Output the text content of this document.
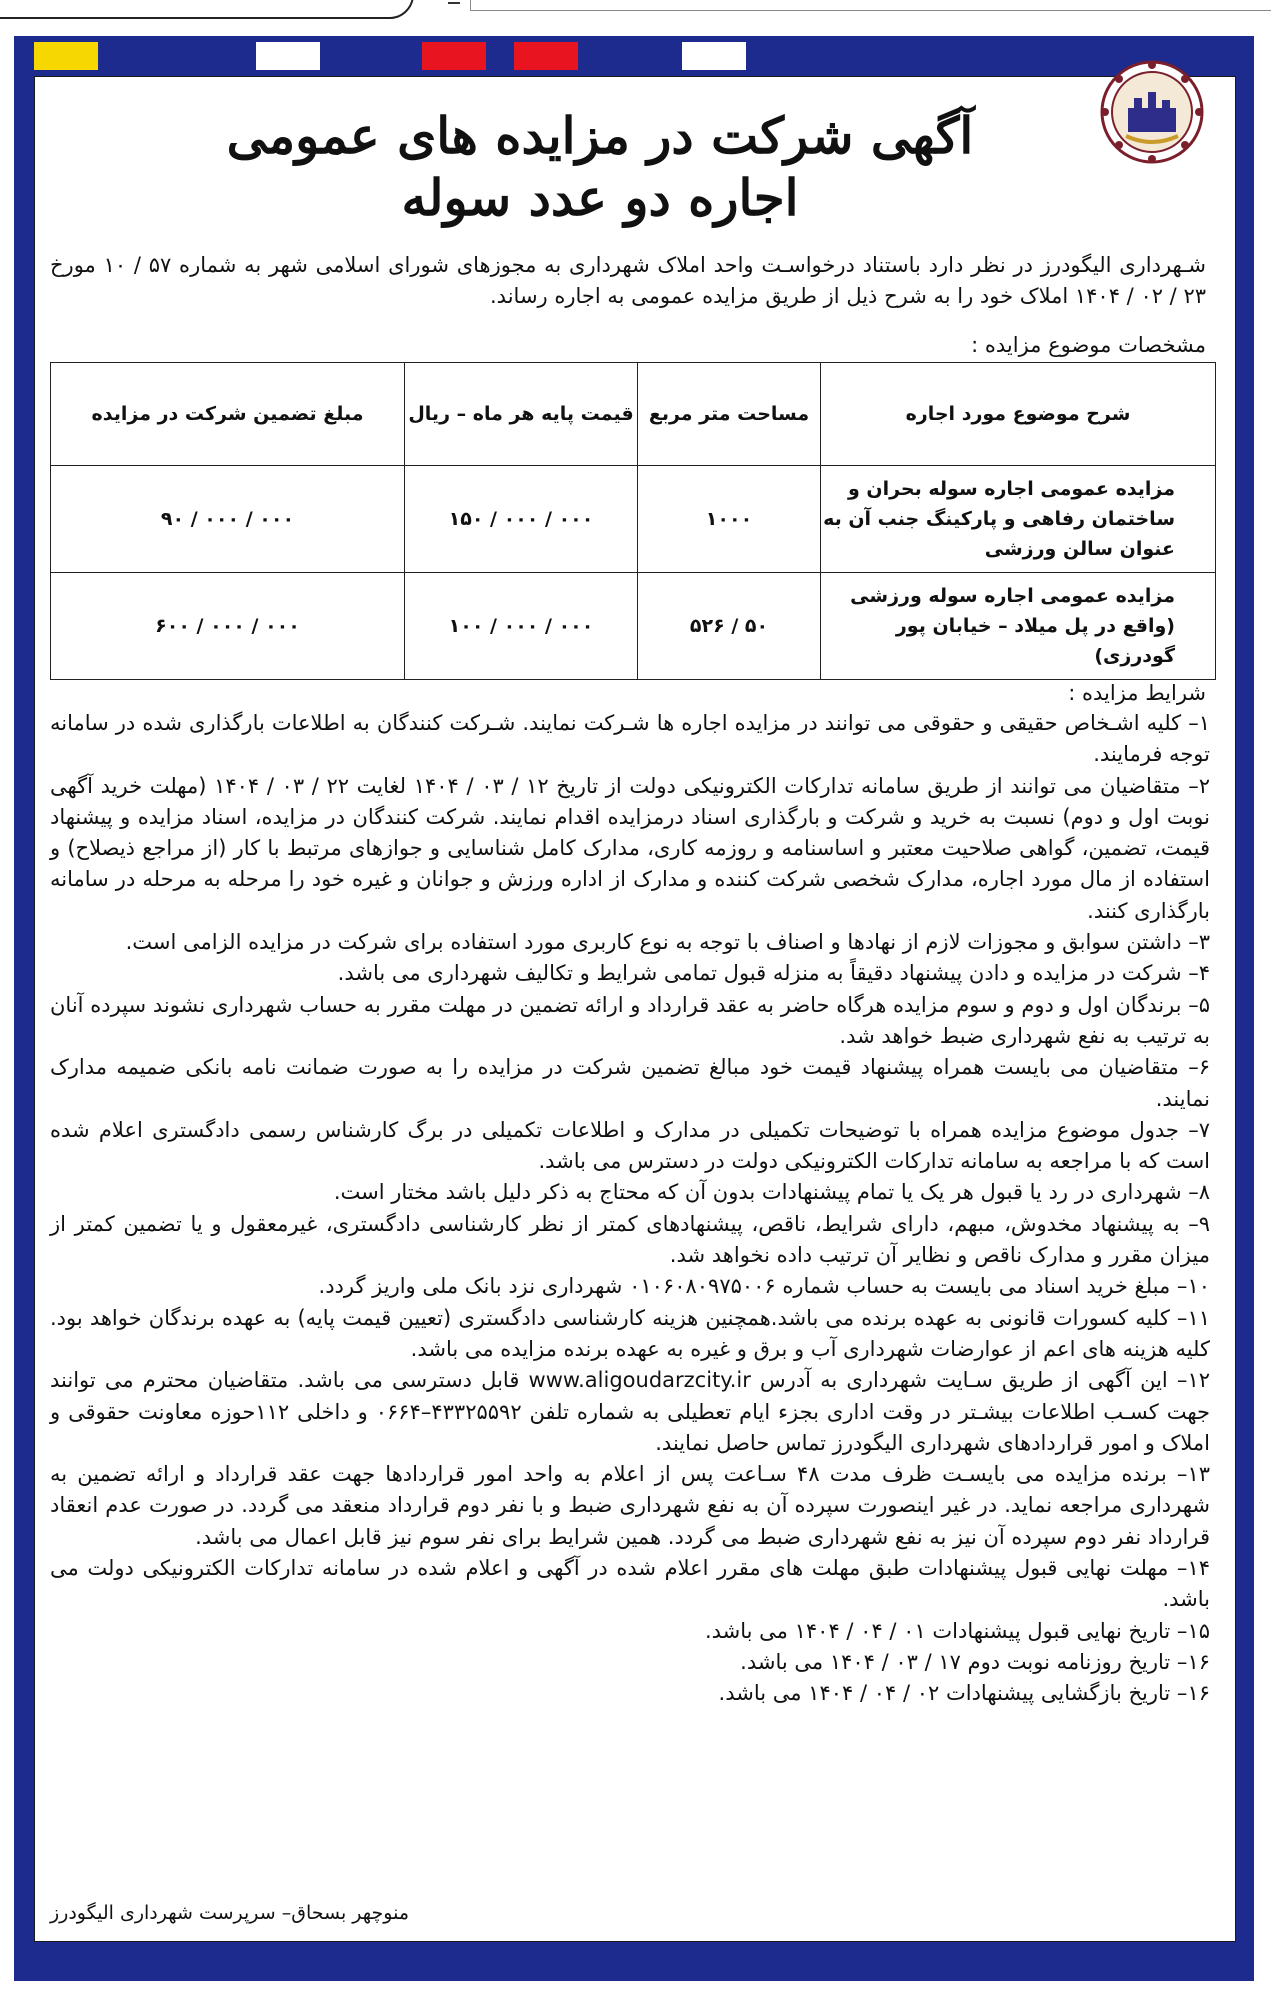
آگهی شرکت در مزایده های عمومی
اجاره دو عدد سوله
شـهرداری الیگودرز در نظر دارد باستناد درخواسـت واحد املاک شهرداری به مجوزهای شورای اسلامی شهر به شماره ۵۷ / ۱۰ مورخ ۲۳ / ۰۲ / ۱۴۰۴ املاک خود را به شرح ذیل از طریق مزایده عمومی به اجاره رساند.
مشخصات موضوع مزایده :
شرح موضوع مورد اجاره	مساحت متر مربع	قیمت پایه هر ماه – ریال	مبلغ تضمین شرکت در مزایده
مزایده عمومی اجاره سوله بحران و ساختمان رفاهی و پارکینگ جنب آن به عنوان سالن ورزشی	۱۰۰۰	۰۰۰ / ۰۰۰ / ۱۵۰	۰۰۰ / ۰۰۰ / ۹۰
مزایده عمومی اجاره سوله ورزشی (واقع در پل میلاد – خیابان پور گودرزی)	۵۰ / ۵۲۶	۰۰۰ / ۰۰۰ / ۱۰۰	۰۰۰ / ۰۰۰ / ۶۰۰
شرایط مزایده :

۱– کلیه اشـخاص حقیقی و حقوقی می توانند در مزایده اجاره ها شـرکت نمایند. شـرکت کنندگان به اطلاعات بارگذاری شده در سامانه توجه فرمایند.

۲– متقاضیان می توانند از طریق سامانه تدارکات الکترونیکی دولت از تاریخ ۱۲ / ۰۳ / ۱۴۰۴ لغایت ۲۲ / ۰۳ / ۱۴۰۴ (مهلت خرید آگهی نوبت اول و دوم) نسبت به خرید و شرکت و بارگذاری اسناد درمزایده اقدام نمایند. شرکت کنندگان در مزایده، اسناد مزایده و پیشنهاد قیمت، تضمین، گواهی صلاحیت معتبر و اساسنامه و روزمه کاری، مدارک کامل شناسایی و جوازهای مرتبط با کار (از مراجع ذیصلاح) و استفاده از مال مورد اجاره، مدارک شخصی شرکت کننده و مدارک از اداره ورزش و جوانان و غیره خود را مرحله به مرحله در سامانه بارگذاری کنند.

۳– داشتن سوابق و مجوزات لازم از نهادها و اصناف با توجه به نوع کاربری مورد استفاده برای شرکت در مزایده الزامی است.

۴– شرکت در مزایده و دادن پیشنهاد دقیقاً به منزله قبول تمامی شرایط و تکالیف شهرداری می باشد.

۵– برندگان اول و دوم و سوم مزایده هرگاه حاضر به عقد قرارداد و ارائه تضمین در مهلت مقرر به حساب شهرداری نشوند سپرده آنان به ترتیب به نفع شهرداری ضبط خواهد شد.

۶– متقاضیان می بایست همراه پیشنهاد قیمت خود مبالغ تضمین شرکت در مزایده را به صورت ضمانت نامه بانکی ضمیمه مدارک نمایند.

۷– جدول موضوع مزایده همراه با توضیحات تکمیلی در مدارک و اطلاعات تکمیلی در برگ کارشناس رسمی دادگستری اعلام شده است که با مراجعه به سامانه تدارکات الکترونیکی دولت در دسترس می باشد.

۸– شهرداری در رد یا قبول هر یک یا تمام پیشنهادات بدون آن که محتاج به ذکر دلیل باشد مختار است.

۹– به پیشنهاد مخدوش، مبهم، دارای شرایط، ناقص، پیشنهادهای کمتر از نظر کارشناسی دادگستری، غیرمعقول و یا تضمین کمتر از میزان مقرر و مدارک ناقص و نظایر آن ترتیب داده نخواهد شد.

۱۰– مبلغ خرید اسناد می بایست به حساب شماره ۰۱۰۶۰۸۰۹۷۵۰۰۶ شهرداری نزد بانک ملی واریز گردد.

۱۱– کلیه کسورات قانونی به عهده برنده می باشد.همچنین هزینه کارشناسی دادگستری (تعیین قیمت پایه) به عهده برندگان خواهد بود. کلیه هزینه های اعم از عوارضات شهرداری آب و برق و غیره به عهده برنده مزایده می باشد.

۱۲– این آگهی از طریق سـایت شهرداری به آدرس www.aligoudarzcity.ir قابل دسترسی می باشد. متقاضیان محترم می توانند جهت کسـب اطلاعات بیشـتر در وقت اداری بجزء ایام تعطیلی به شماره تلفن ۴۳۳۲۵۵۹۲–۰۶۶۴ و داخلی ۱۱۲حوزه معاونت حقوقی و املاک و امور قراردادهای شهرداری الیگودرز تماس حاصل نمایند.

۱۳– برنده مزایده می بایسـت ظرف مدت ۴۸ سـاعت پس از اعلام به واحد امور قراردادها جهت عقد قرارداد و ارائه تضمین به شهرداری مراجعه نماید. در غیر اینصورت سپرده آن به نفع شهرداری ضبط و با نفر دوم قرارداد منعقد می گردد. در صورت عدم انعقاد قرارداد نفر دوم سپرده آن نیز به نفع شهرداری ضبط می گردد. همین شرایط برای نفر سوم نیز قابل اعمال می باشد.

۱۴– مهلت نهایی قبول پیشنهادات طبق مهلت های مقرر اعلام شده در آگهی و اعلام شده در سامانه تدارکات الکترونیکی دولت می باشد.

۱۵– تاریخ نهایی قبول پیشنهادات ۰۱ / ۰۴ / ۱۴۰۴ می باشد.

۱۶– تاریخ روزنامه نوبت دوم ۱۷ / ۰۳ / ۱۴۰۴ می باشد.

۱۶– تاریخ بازگشایی پیشنهادات ۰۲ / ۰۴ / ۱۴۰۴ می باشد.

منوچهر بسحاق– سرپرست شهرداری الیگودرز
